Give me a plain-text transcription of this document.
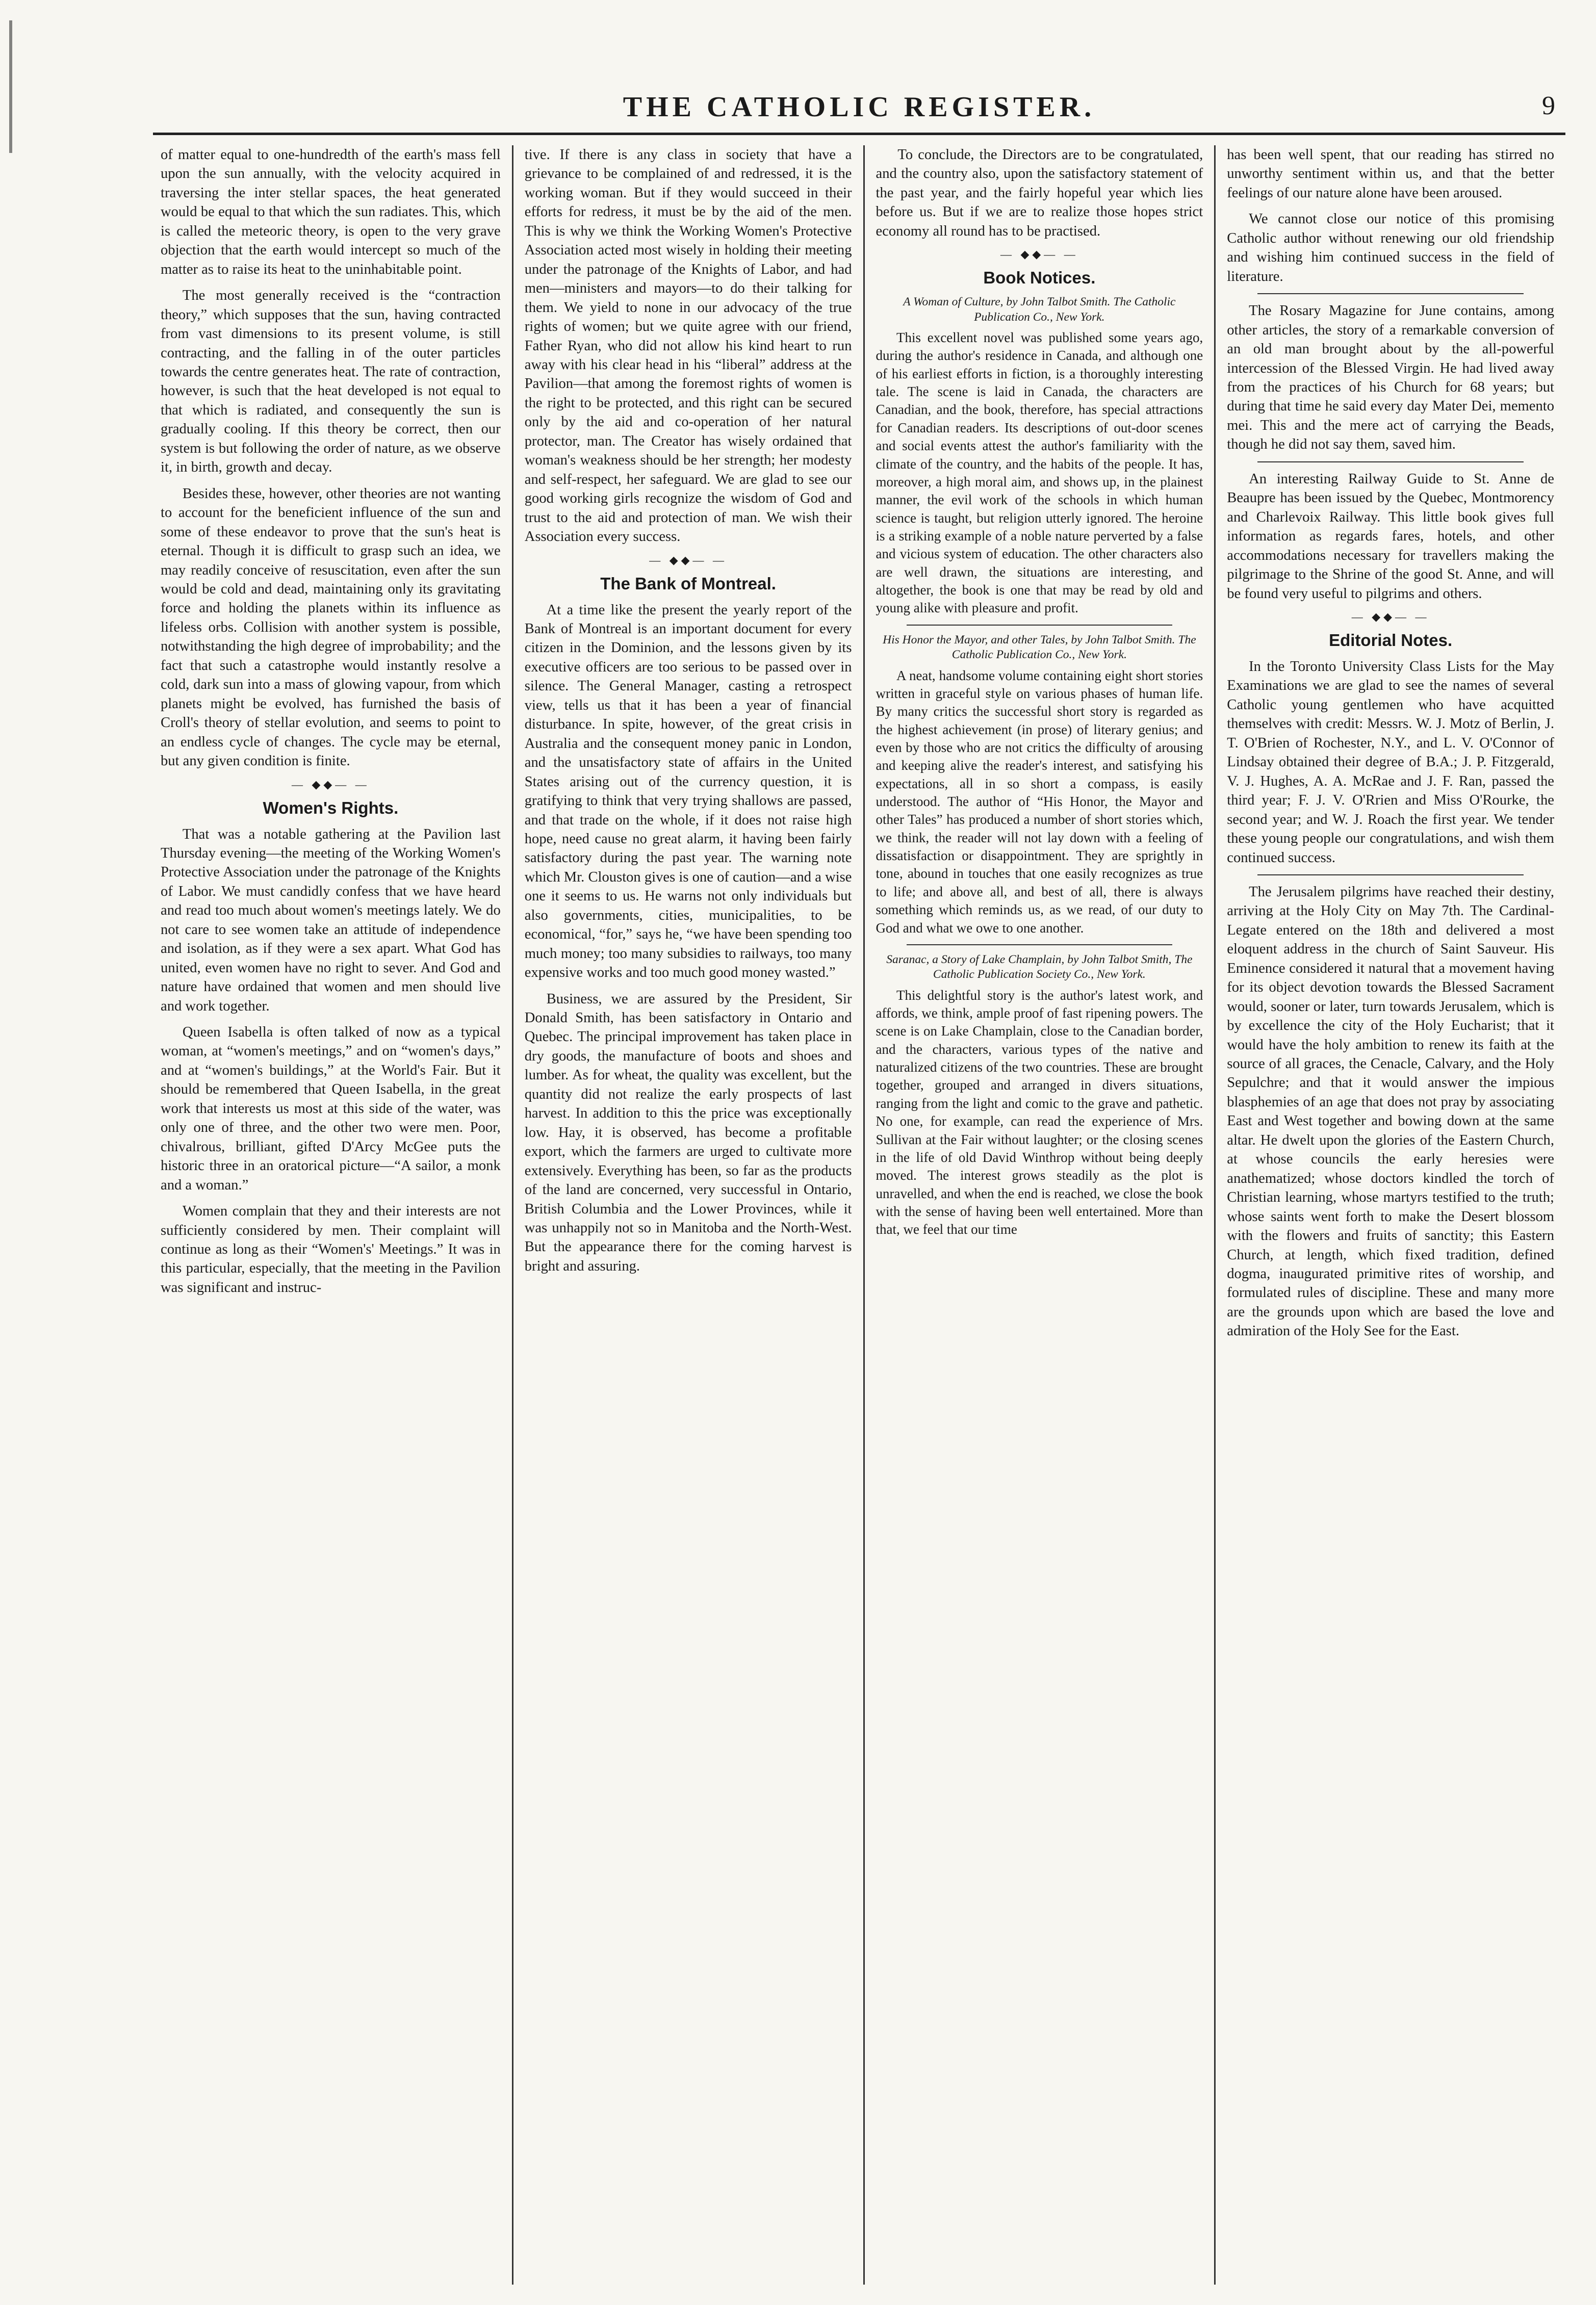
THE CATHOLIC REGISTER.	9

of matter equal to one-hundredth of the earth's mass fell upon the sun annually, with the velocity acquired in traversing the inter stellar spaces, the heat generated would be equal to that which the sun radiates. This, which is called the meteoric theory, is open to the very grave objection that the earth would intercept so much of the matter as to raise its heat to the uninhabitable point.

The most generally received is the “contraction theory,” which supposes that the sun, having contracted from vast dimensions to its present volume, is still contracting, and the falling in of the outer particles towards the centre generates heat. The rate of contraction, however, is such that the heat developed is not equal to that which is radiated, and consequently the sun is gradually cooling. If this theory be correct, then our system is but following the order of nature, as we observe it, in birth, growth and decay.

Besides these, however, other theories are not wanting to account for the beneficient influence of the sun and some of these endeavor to prove that the sun's heat is eternal. Though it is difficult to grasp such an idea, we may readily conceive of resuscitation, even after the sun would be cold and dead, maintaining only its gravitating force and holding the planets within its influence as lifeless orbs. Collision with another system is possible, notwithstanding the high degree of improbability; and the fact that such a catastrophe would instantly resolve a cold, dark sun into a mass of glowing vapour, from which planets might be evolved, has furnished the basis of Croll's theory of stellar evolution, and seems to point to an endless cycle of changes. The cycle may be eternal, but any given condition is finite.

— ◆◆— —
Women's Rights.

That was a notable gathering at the Pavilion last Thursday evening—the meeting of the Working Women's Protective Association under the patronage of the Knights of Labor. We must candidly confess that we have heard and read too much about women's meetings lately. We do not care to see women take an attitude of independence and isolation, as if they were a sex apart. What God has united, even women have no right to sever. And God and nature have ordained that women and men should live and work together.

Queen Isabella is often talked of now as a typical woman, at “women's meetings,” and on “women's days,” and at “women's buildings,” at the World's Fair. But it should be remembered that Queen Isabella, in the great work that interests us most at this side of the water, was only one of three, and the other two were men. Poor, chivalrous, brilliant, gifted D'Arcy McGee puts the historic three in an oratorical picture—“A sailor, a monk and a woman.”

Women complain that they and their interests are not sufficiently considered by men. Their complaint will continue as long as their “Women's' Meetings.” It was in this particular, especially, that the meeting in the Pavilion was significant and instruc-

tive. If there is any class in society that have a grievance to be complained of and redressed, it is the working woman. But if they would succeed in their efforts for redress, it must be by the aid of the men. This is why we think the Working Women's Protective Association acted most wisely in holding their meeting under the patronage of the Knights of Labor, and had men—ministers and mayors—to do their talking for them. We yield to none in our advocacy of the true rights of women; but we quite agree with our friend, Father Ryan, who did not allow his kind heart to run away with his clear head in his “liberal” address at the Pavilion—that among the foremost rights of women is the right to be protected, and this right can be secured only by the aid and co-operation of her natural protector, man. The Creator has wisely ordained that woman's weakness should be her strength; her modesty and self-respect, her safeguard. We are glad to see our good working girls recognize the wisdom of God and trust to the aid and protection of man. We wish their Association every success.

— ◆◆— —
The Bank of Montreal.

At a time like the present the yearly report of the Bank of Montreal is an important document for every citizen in the Dominion, and the lessons given by its executive officers are too serious to be passed over in silence. The General Manager, casting a retrospect view, tells us that it has been a year of financial disturbance. In spite, however, of the great crisis in Australia and the consequent money panic in London, and the unsatisfactory state of affairs in the United States arising out of the currency question, it is gratifying to think that very trying shallows are passed, and that trade on the whole, if it does not raise high hope, need cause no great alarm, it having been fairly satisfactory during the past year. The warning note which Mr. Clouston gives is one of caution—and a wise one it seems to us. He warns not only individuals but also governments, cities, municipalities, to be economical, “for,” says he, “we have been spending too much money; too many subsidies to railways, too many expensive works and too much good money wasted.”

Business, we are assured by the President, Sir Donald Smith, has been satisfactory in Ontario and Quebec. The principal improvement has taken place in dry goods, the manufacture of boots and shoes and lumber. As for wheat, the quality was excellent, but the quantity did not realize the early prospects of last harvest. In addition to this the price was exceptionally low. Hay, it is observed, has become a profitable export, which the farmers are urged to cultivate more extensively. Everything has been, so far as the products of the land are concerned, very successful in Ontario, British Columbia and the Lower Provinces, while it was unhappily not so in Manitoba and the North-West. But the appearance there for the coming harvest is bright and assuring.

To conclude, the Directors are to be congratulated, and the country also, upon the satisfactory statement of the past year, and the fairly hopeful year which lies before us. But if we are to realize those hopes strict economy all round has to be practised.

— ◆◆— —
Book Notices.
A Woman of Culture, by John Talbot Smith. The Catholic Publication Co., New York.

This excellent novel was published some years ago, during the author's residence in Canada, and although one of his earliest efforts in fiction, is a thoroughly interesting tale. The scene is laid in Canada, the characters are Canadian, and the book, therefore, has special attractions for Canadian readers. Its descriptions of out-door scenes and social events attest the author's familiarity with the climate of the country, and the habits of the people. It has, moreover, a high moral aim, and shows up, in the plainest manner, the evil work of the schools in which human science is taught, but religion utterly ignored. The heroine is a striking example of a noble nature perverted by a false and vicious system of education. The other characters also are well drawn, the situations are interesting, and altogether, the book is one that may be read by old and young alike with pleasure and profit.

His Honor the Mayor, and other Tales, by John Talbot Smith. The Catholic Publication Co., New York.

A neat, handsome volume containing eight short stories written in graceful style on various phases of human life. By many critics the successful short story is regarded as the highest achievement (in prose) of literary genius; and even by those who are not critics the difficulty of arousing and keeping alive the reader's interest, and satisfying his expectations, all in so short a compass, is easily understood. The author of “His Honor, the Mayor and other Tales” has produced a number of short stories which, we think, the reader will not lay down with a feeling of dissatisfaction or disappointment. They are sprightly in tone, abound in touches that one easily recognizes as true to life; and above all, and best of all, there is always something which reminds us, as we read, of our duty to God and what we owe to one another.

Saranac, a Story of Lake Champlain, by John Talbot Smith, The Catholic Publication Society Co., New York.

This delightful story is the author's latest work, and affords, we think, ample proof of fast ripening powers. The scene is on Lake Champlain, close to the Canadian border, and the characters, various types of the native and naturalized citizens of the two countries. These are brought together, grouped and arranged in divers situations, ranging from the light and comic to the grave and pathetic. No one, for example, can read the experience of Mrs. Sullivan at the Fair without laughter; or the closing scenes in the life of old David Winthrop without being deeply moved. The interest grows steadily as the plot is unravelled, and when the end is reached, we close the book with the sense of having been well entertained. More than that, we feel that our time

has been well spent, that our reading has stirred no unworthy sentiment within us, and that the better feelings of our nature alone have been aroused.

We cannot close our notice of this promising Catholic author without renewing our old friendship and wishing him continued success in the field of literature.

The Rosary Magazine for June contains, among other articles, the story of a remarkable conversion of an old man brought about by the all-powerful intercession of the Blessed Virgin. He had lived away from the practices of his Church for 68 years; but during that time he said every day Mater Dei, memento mei. This and the mere act of carrying the Beads, though he did not say them, saved him.

An interesting Railway Guide to St. Anne de Beaupre has been issued by the Quebec, Montmorency and Charlevoix Railway. This little book gives full information as regards fares, hotels, and other accommodations necessary for travellers making the pilgrimage to the Shrine of the good St. Anne, and will be found very useful to pilgrims and others.

— ◆◆— —
Editorial Notes.

In the Toronto University Class Lists for the May Examinations we are glad to see the names of several Catholic young gentlemen who have acquitted themselves with credit: Messrs. W. J. Motz of Berlin, J. T. O'Brien of Rochester, N.Y., and L. V. O'Connor of Lindsay obtained their degree of B.A.; J. P. Fitzgerald, V. J. Hughes, A. A. McRae and J. F. Ran, passed the third year; F. J. V. O'Rrien and Miss O'Rourke, the second year; and W. J. Roach the first year. We tender these young people our congratulations, and wish them continued success.

The Jerusalem pilgrims have reached their destiny, arriving at the Holy City on May 7th. The Cardinal-Legate entered on the 18th and delivered a most eloquent address in the church of Saint Sauveur. His Eminence considered it natural that a movement having for its object devotion towards the Blessed Sacrament would, sooner or later, turn towards Jerusalem, which is by excellence the city of the Holy Eucharist; that it would have the holy ambition to renew its faith at the source of all graces, the Cenacle, Calvary, and the Holy Sepulchre; and that it would answer the impious blasphemies of an age that does not pray by associating East and West together and bowing down at the same altar. He dwelt upon the glories of the Eastern Church, at whose councils the early heresies were anathematized; whose doctors kindled the torch of Christian learning, whose martyrs testified to the truth; whose saints went forth to make the Desert blossom with the flowers and fruits of sanctity; this Eastern Church, at length, which fixed tradition, defined dogma, inaugurated primitive rites of worship, and formulated rules of discipline. These and many more are the grounds upon which are based the love and admiration of the Holy See for the East.
